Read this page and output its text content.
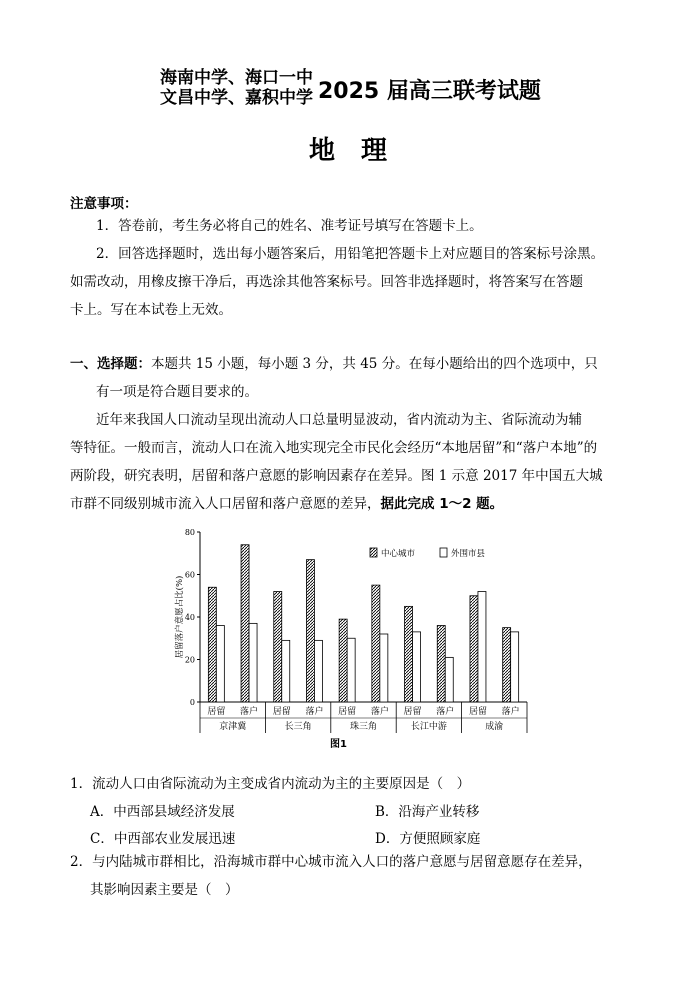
海南中学、海口一中
文昌中学、嘉积中学 2025 届高三联考试题
地理
注意事项：
1．答卷前，考生务必将自己的姓名、准考证号填写在答题卡上。
2．回答选择题时，选出每小题答案后，用铅笔把答题卡上对应题目的答案标号涂黑。
如需改动，用橡皮擦干净后，再选涂其他答案标号。回答非选择题时，将答案写在答题
卡上。写在本试卷上无效。
一、选择题：本题共 15 小题，每小题 3 分，共 45 分。在每小题给出的四个选项中，只
有一项是符合题目要求的。
近年来我国人口流动呈现出流动人口总量明显波动，省内流动为主、省际流动为辅
等特征。一般而言，流动人口在流入地实现完全市民化会经历“本地居留”和“落户本地”的
两阶段，研究表明，居留和落户意愿的影响因素存在差异。图 1 示意 2017 年中国五大城
市群不同级别城市流入人口居留和落户意愿的差异，据此完成 1～2 题。
0
20
40
60
80
居留落户意愿占比(%)
居留 落户 居留 落户 居留 落户 居留 落户 居留 落户
京津冀	长三角	珠三角	长江中游	成渝
中心城市	外围市县
图1
1．流动人口由省际流动为主变成省内流动为主的主要原因是（　）
A．中西部县域经济发展	B．沿海产业转移
C．中西部农业发展迅速	D．方便照顾家庭
2．与内陆城市群相比，沿海城市群中心城市流入人口的落户意愿与居留意愿存在差异，
其影响因素主要是（　）
